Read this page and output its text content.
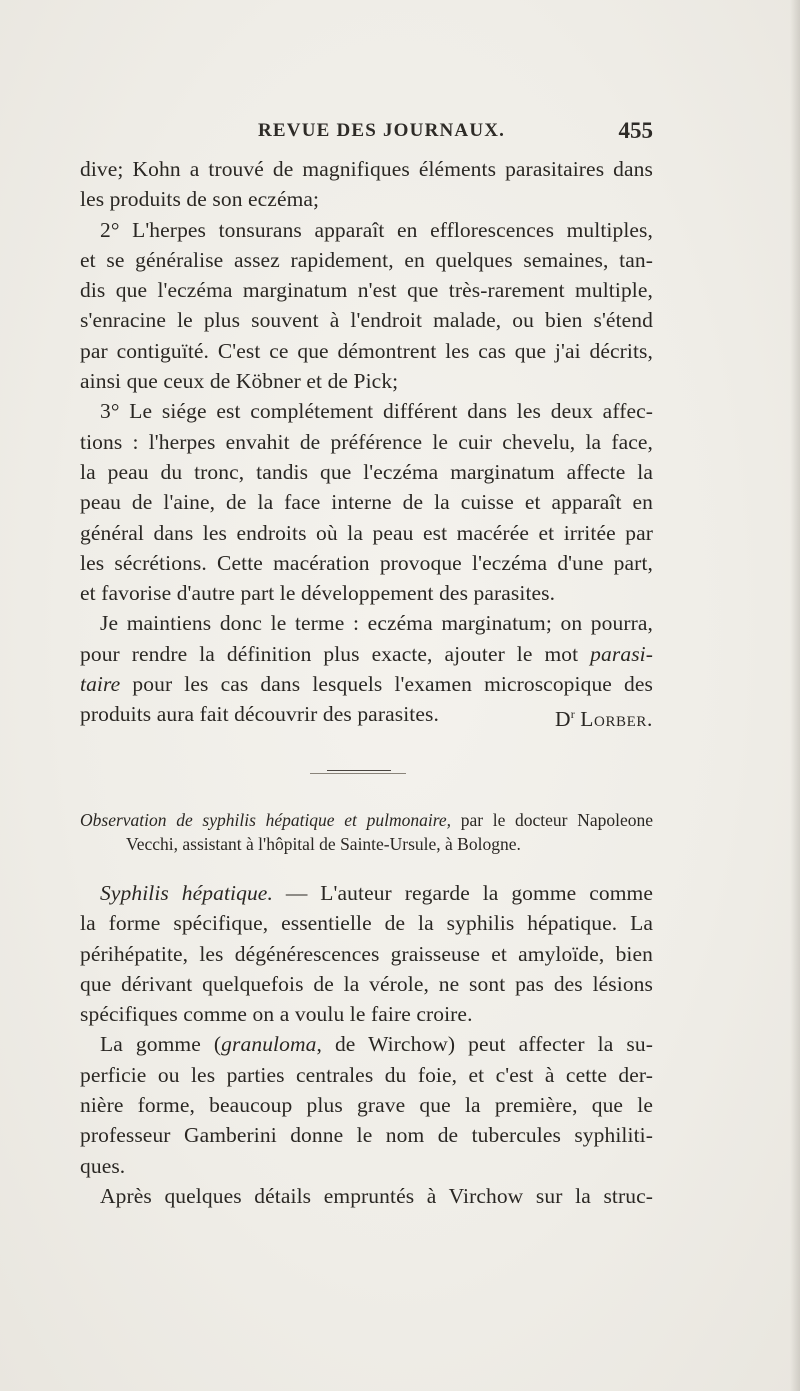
REVUE DES JOURNAUX.	455
dive; Kohn a trouvé de magnifiques éléments parasitaires dans
les produits de son eczéma;
2° L'herpes tonsurans apparaît en efflorescences multiples,
et se généralise assez rapidement, en quelques semaines, tan-
dis que l'eczéma marginatum n'est que très-rarement multiple,
s'enracine le plus souvent à l'endroit malade, ou bien s'étend
par contiguïté. C'est ce que démontrent les cas que j'ai décrits,
ainsi que ceux de Köbner et de Pick;
3° Le siége est complétement différent dans les deux affec-
tions : l'herpes envahit de préférence le cuir chevelu, la face,
la peau du tronc, tandis que l'eczéma marginatum affecte la
peau de l'aine, de la face interne de la cuisse et apparaît en
général dans les endroits où la peau est macérée et irritée par
les sécrétions. Cette macération provoque l'eczéma d'une part,
et favorise d'autre part le développement des parasites.
Je maintiens donc le terme : eczéma marginatum; on pourra,
pour rendre la définition plus exacte, ajouter le mot parasi-
taire pour les cas dans lesquels l'examen microscopique des
produits aura fait découvrir des parasites.	$D^r$ Lorber.
Observation de syphilis hépatique et pulmonaire, par le docteur Napoleone
Vecchi, assistant à l'hôpital de Sainte-Ursule, à Bologne.
Syphilis hépatique. — L'auteur regarde la gomme comme
la forme spécifique, essentielle de la syphilis hépatique. La
périhépatite, les dégénérescences graisseuse et amyloïde, bien
que dérivant quelquefois de la vérole, ne sont pas des lésions
spécifiques comme on a voulu le faire croire.
La gomme (granuloma, de Wirchow) peut affecter la su-
perficie ou les parties centrales du foie, et c'est à cette der-
nière forme, beaucoup plus grave que la première, que le
professeur Gamberini donne le nom de tubercules syphiliti-
ques.
Après quelques détails empruntés à Virchow sur la struc-
